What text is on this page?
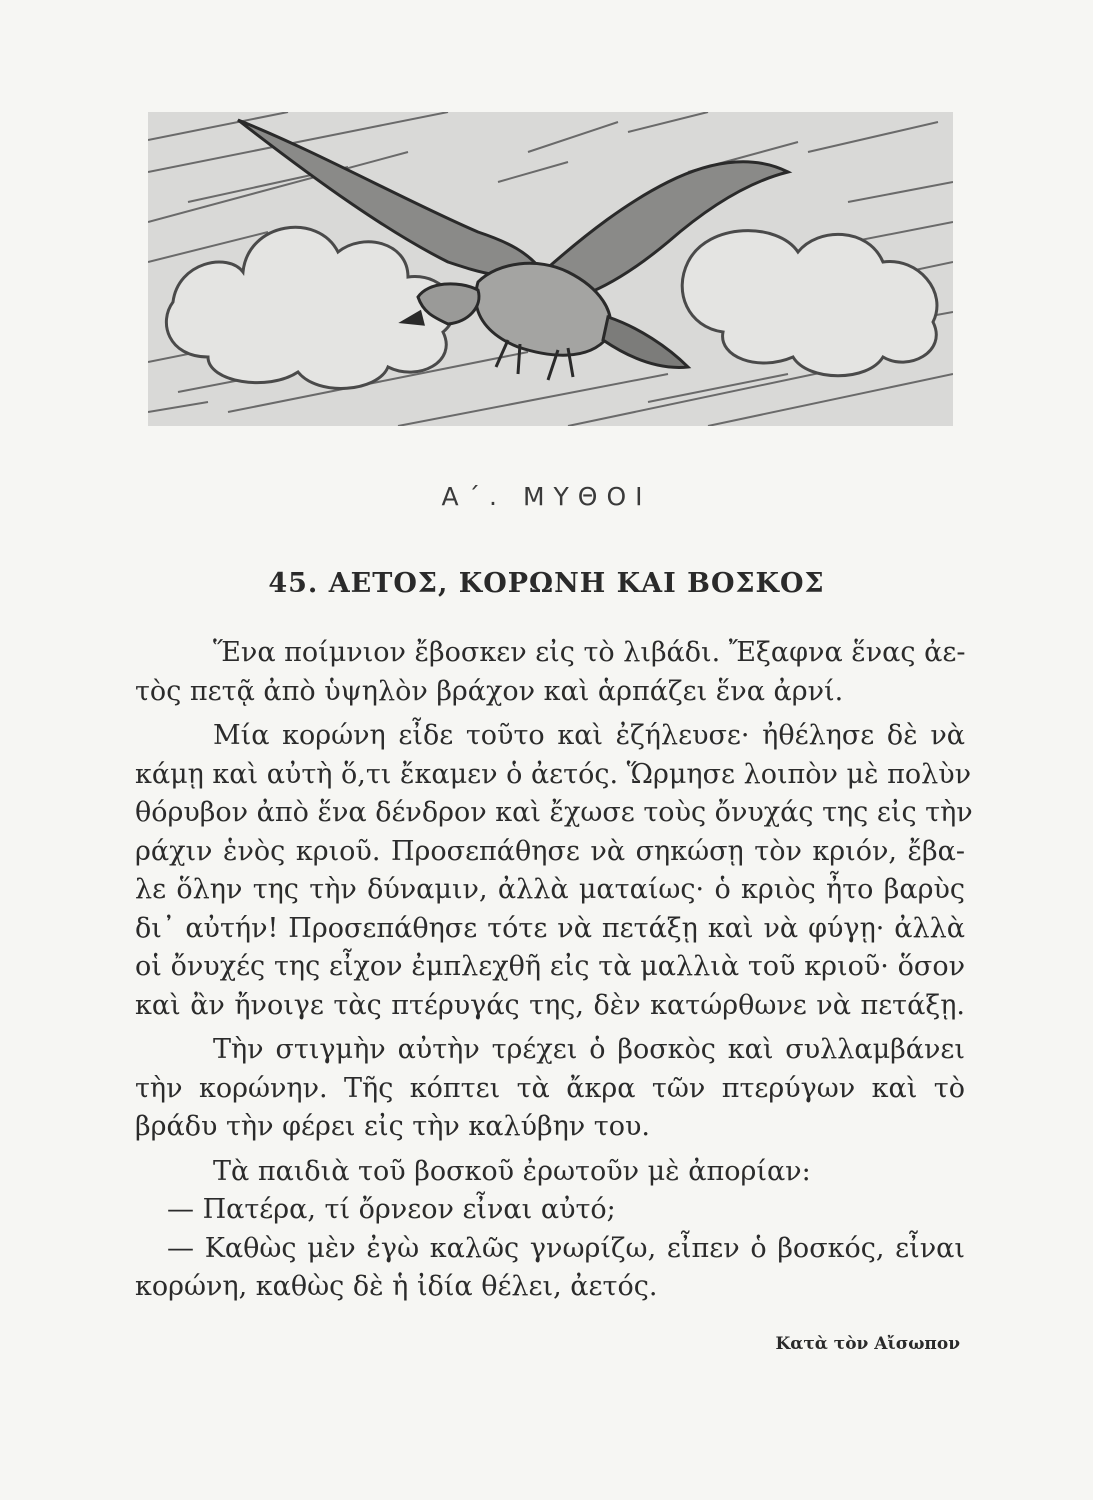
Α΄. ΜΥΘΟΙ
45. ΑΕΤΟΣ, ΚΟΡΩΝΗ ΚΑΙ ΒΟΣΚΟΣ
Ἕνα ποίμνιον ἔβοσκεν εἰς τὸ λιβάδι. Ἔξαφνα ἕνας ἀε-
τὸς πετᾷ ἀπὸ ὑψηλὸν βράχον καὶ ἁρπάζει ἕνα ἀρνί.
Μία κορώνη εἶδε τοῦτο καὶ ἐζήλευσε· ἠθέλησε δὲ νὰ
κάμῃ καὶ αὐτὴ ὅ,τι ἔκαμεν ὁ ἀετός. Ὥρμησε λοιπὸν μὲ πολὺν
θόρυβον ἀπὸ ἕνα δένδρον καὶ ἔχωσε τοὺς ὄνυχάς της εἰς τὴν
ράχιν ἑνὸς κριοῦ. Προσεπάθησε νὰ σηκώσῃ τὸν κριόν, ἔβα-
λε ὅλην της τὴν δύναμιν, ἀλλὰ ματαίως· ὁ κριὸς ἦτο βαρὺς
δι᾿ αὐτήν! Προσεπάθησε τότε νὰ πετάξῃ καὶ νὰ φύγῃ· ἀλλὰ
οἱ ὄνυχές της εἶχον ἐμπλεχθῆ εἰς τὰ μαλλιὰ τοῦ κριοῦ· ὅσον
καὶ ἂν ἤνοιγε τὰς πτέρυγάς της, δὲν κατώρθωνε νὰ πετάξῃ.
Τὴν στιγμὴν αὐτὴν τρέχει ὁ βοσκὸς καὶ συλλαμβάνει
τὴν κορώνην. Τῆς κόπτει τὰ ἄκρα τῶν πτερύγων καὶ τὸ
βράδυ τὴν φέρει εἰς τὴν καλύβην του.
Τὰ παιδιὰ τοῦ βοσκοῦ ἐρωτοῦν μὲ ἀπορίαν:
— Πατέρα, τί ὄρνεον εἶναι αὐτό;
— Καθὼς μὲν ἐγὼ καλῶς γνωρίζω, εἶπεν ὁ βοσκός, εἶναι
κορώνη, καθὼς δὲ ἡ ἰδία θέλει, ἀετός.
Κατὰ τὸν Αἴσωπον
